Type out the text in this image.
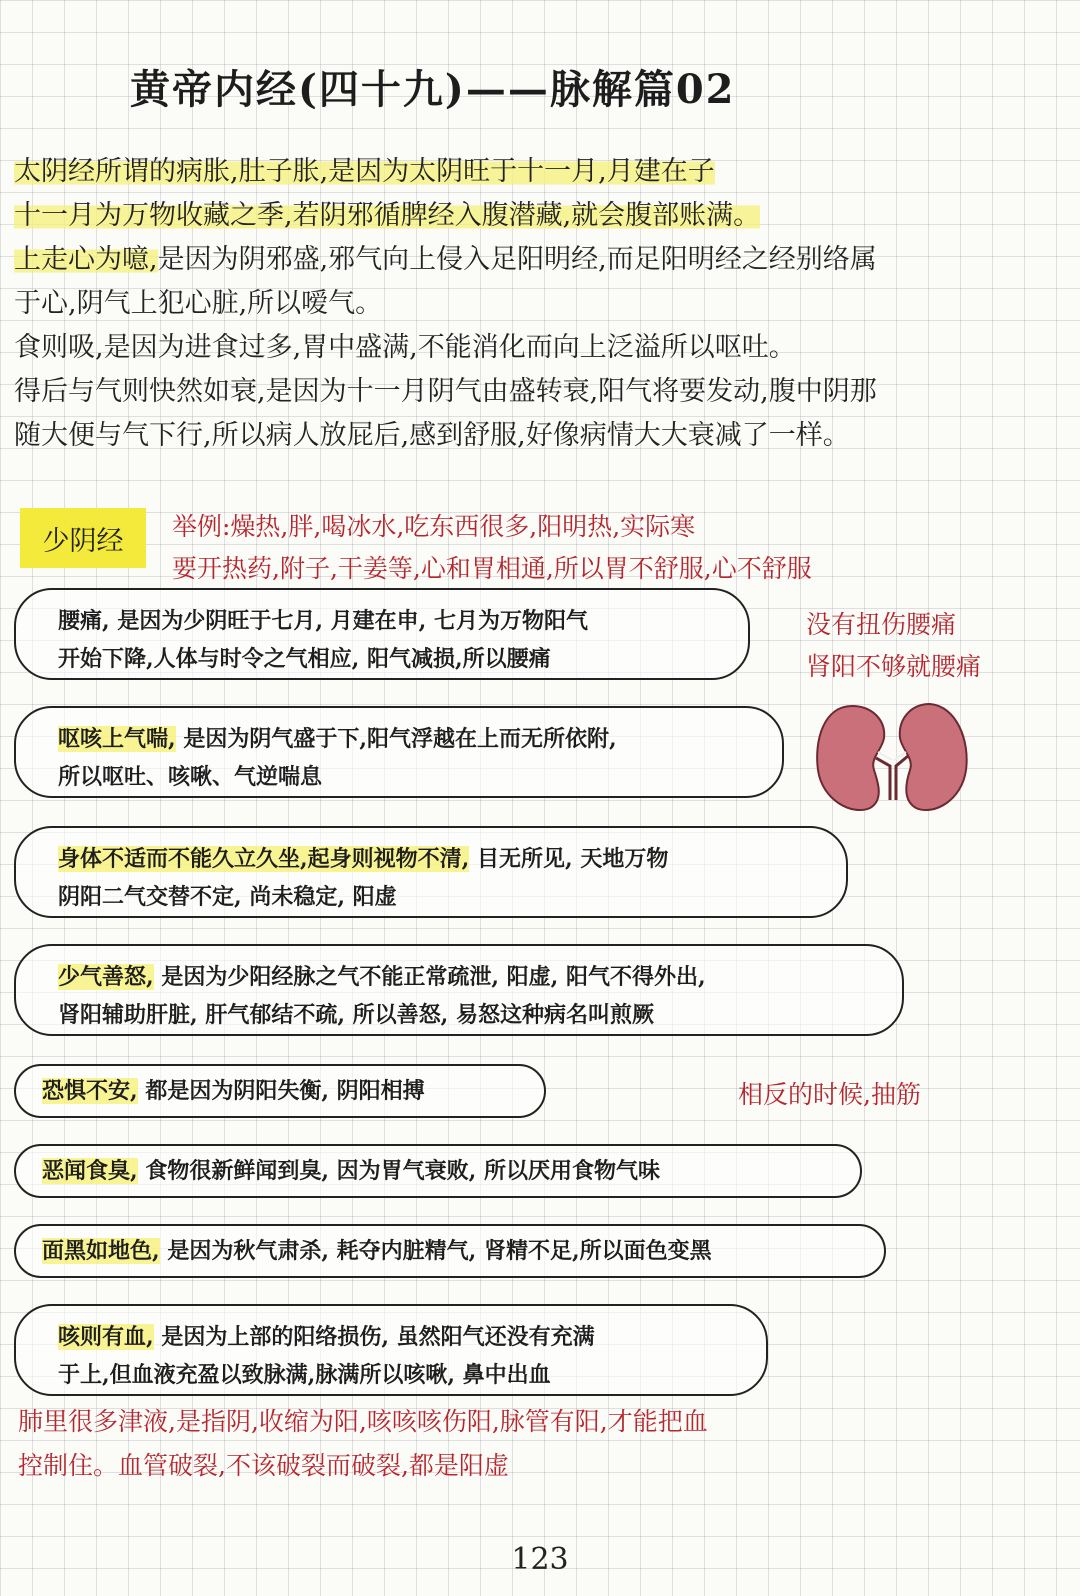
黄帝内经(四十九)——脉解篇02
太阴经所谓的病胀,肚子胀,是因为太阴旺于十一月,月建在子
十一月为万物收藏之季,若阴邪循脾经入腹潜藏,就会腹部账满。
上走心为噫,是因为阴邪盛,邪气向上侵入足阳明经,而足阳明经之经别络属
于心,阴气上犯心脏,所以嗳气。
食则吸,是因为进食过多,胃中盛满,不能消化而向上泛溢所以呕吐。
得后与气则快然如衰,是因为十一月阴气由盛转衰,阳气将要发动,腹中阴那
随大便与气下行,所以病人放屁后,感到舒服,好像病情大大衰减了一样。
少阴经	举例:燥热,胖,喝冰水,吃东西很多,阳明热,实际寒
要开热药,附子,干姜等,心和胃相通,所以胃不舒服,心不舒服
腰痛, 是因为少阴旺于七月, 月建在申, 七月为万物阳气
开始下降,人体与时令之气相应, 阳气减损,所以腰痛
呕咳上气喘, 是因为阴气盛于下,阳气浮越在上而无所依附,
所以呕吐、咳啾、气逆喘息
身体不适而不能久立久坐,起身则视物不清, 目无所见, 天地万物
阴阳二气交替不定, 尚未稳定, 阳虚
少气善怒, 是因为少阳经脉之气不能正常疏泄, 阳虚, 阳气不得外出,
肾阳辅助肝脏, 肝气郁结不疏, 所以善怒, 易怒这种病名叫煎厥
恐惧不安, 都是因为阴阳失衡, 阴阳相搏
恶闻食臭, 食物很新鲜闻到臭, 因为胃气衰败, 所以厌用食物气味
面黑如地色, 是因为秋气肃杀, 耗夺内脏精气, 肾精不足,所以面色变黑
咳则有血, 是因为上部的阳络损伤, 虽然阳气还没有充满
于上,但血液充盈以致脉满,脉满所以咳啾, 鼻中出血
没有扭伤腰痛
肾阳不够就腰痛
相反的时候,抽筋
肺里很多津液,是指阴,收缩为阳,咳咳咳伤阳,脉管有阳,才能把血
控制住。血管破裂,不该破裂而破裂,都是阳虚
123
